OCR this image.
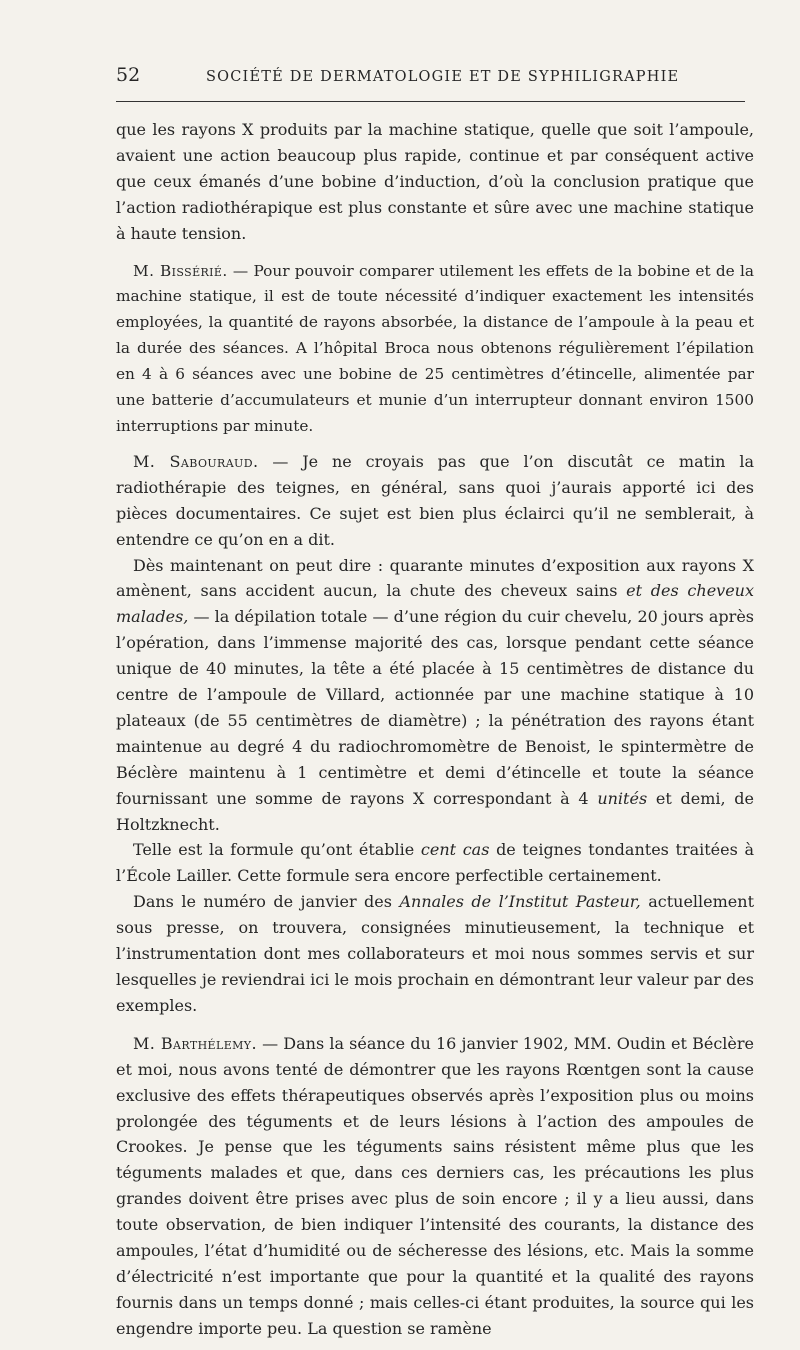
52	SOCIÉTÉ DE DERMATOLOGIE ET DE SYPHILIGRAPHIE

que les rayons X produits par la machine statique, quelle que soit l’ampoule, avaient une action beaucoup plus rapide, continue et par conséquent active que ceux émanés d’une bobine d’induction, d’où la conclusion pratique que l’action radiothérapique est plus constante et sûre avec une machine statique à haute tension.

M. Bissérié. — Pour pouvoir comparer utilement les effets de la bobine et de la machine statique, il est de toute nécessité d’indiquer exactement les intensités employées, la quantité de rayons absorbée, la distance de l’ampoule à la peau et la durée des séances. A l’hôpital Broca nous obtenons régulièrement l’épilation en 4 à 6 séances avec une bobine de 25 centimètres d’étincelle, alimentée par une batterie d’accumulateurs et munie d’un interrupteur donnant environ 1500 interruptions par minute.

M. Sabouraud. — Je ne croyais pas que l’on discutât ce matin la radiothérapie des teignes, en général, sans quoi j’aurais apporté ici des pièces documentaires. Ce sujet est bien plus éclairci qu’il ne semblerait, à entendre ce qu’on en a dit.

Dès maintenant on peut dire : quarante minutes d’exposition aux rayons X amènent, sans accident aucun, la chute des cheveux sains et des cheveux malades, — la dépilation totale — d’une région du cuir chevelu, 20 jours après l’opération, dans l’immense majorité des cas, lorsque pendant cette séance unique de 40 minutes, la tête a été placée à 15 centimètres de distance du centre de l’ampoule de Villard, actionnée par une machine statique à 10 plateaux (de 55 centimètres de diamètre) ; la pénétration des rayons étant maintenue au degré 4 du radiochromomètre de Benoist, le spintermètre de Béclère maintenu à 1 centimètre et demi d’étincelle et toute la séance fournissant une somme de rayons X correspondant à 4 unités et demi, de Holtzknecht.

Telle est la formule qu’ont établie cent cas de teignes tondantes traitées à l’École Lailler. Cette formule sera encore perfectible certainement.

Dans le numéro de janvier des Annales de l’Institut Pasteur, actuellement sous presse, on trouvera, consignées minutieusement, la technique et l’instrumentation dont mes collaborateurs et moi nous sommes servis et sur lesquelles je reviendrai ici le mois prochain en démontrant leur valeur par des exemples.

M. Barthélemy. — Dans la séance du 16 janvier 1902, MM. Oudin et Béclère et moi, nous avons tenté de démontrer que les rayons Rœntgen sont la cause exclusive des effets thérapeutiques observés après l’exposition plus ou moins prolongée des téguments et de leurs lésions à l’action des ampoules de Crookes. Je pense que les téguments sains résistent même plus que les téguments malades et que, dans ces derniers cas, les précautions les plus grandes doivent être prises avec plus de soin encore ; il y a lieu aussi, dans toute observation, de bien indiquer l’intensité des courants, la distance des ampoules, l’état d’humidité ou de sécheresse des lésions, etc. Mais la somme d’électricité n’est importante que pour la quantité et la qualité des rayons fournis dans un temps donné ; mais celles-ci étant produites, la source qui les engendre importe peu. La question se ramène
